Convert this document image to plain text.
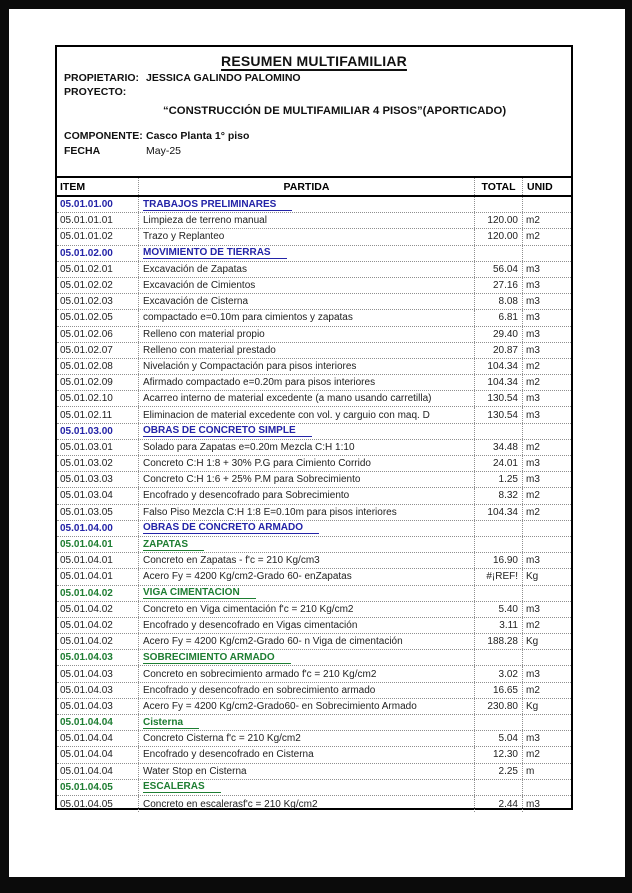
RESUMEN MULTIFAMILIAR
PROPIETARIO: JESSICA GALINDO PALOMINO
PROYECTO:
“CONSTRUCCIÓN DE MULTIFAMILIAR 4 PISOS”(APORTICADO)
COMPONENTE: Casco Planta 1° piso
FECHA	May-25
ITEM	PARTIDA	TOTAL	UNID
05.01.01.00	TRABAJOS PRELIMINARES
05.01.01.01	Limpieza de terreno manual	120.00 m2
05.01.01.02	Trazo y Replanteo	120.00 m2
05.01.02.00	MOVIMIENTO DE TIERRAS
05.01.02.01	Excavación de Zapatas	56.04 m3
05.01.02.02	Excavación de Cimientos	27.16 m3
05.01.02.03	Excavación de Cisterna	8.08 m3
05.01.02.05	compactado e=0.10m para cimientos y zapatas	6.81 m3
05.01.02.06	Relleno con material propio	29.40 m3
05.01.02.07	Relleno con material prestado	20.87 m3
05.01.02.08	Nivelación y Compactación para pisos interiores	104.34 m2
05.01.02.09	Afirmado compactado e=0.20m para pisos interiores	104.34 m2
05.01.02.10	Acarreo interno de material excedente (a mano usando carretilla)	130.54 m3
05.01.02.11	Eliminacion de material excedente con vol. y carguio con maq. D	130.54 m3
05.01.03.00	OBRAS DE CONCRETO SIMPLE
05.01.03.01	Solado para Zapatas e=0.20m Mezcla C:H 1:10	34.48 m2
05.01.03.02	Concreto C:H 1:8 + 30% P.G para Cimiento Corrido	24.01 m3
05.01.03.03	Concreto C:H 1:6 + 25% P.M para Sobrecimiento	1.25 m3
05.01.03.04	Encofrado y desencofrado para Sobrecimiento	8.32 m2
05.01.03.05	Falso Piso Mezcla C:H 1:8 E=0.10m para pisos interiores	104.34 m2
05.01.04.00	OBRAS DE CONCRETO ARMADO
05.01.04.01	ZAPATAS
05.01.04.01	Concreto en Zapatas - f'c = 210 Kg/cm3	16.90 m3
05.01.04.01	Acero Fy = 4200 Kg/cm2-Grado 60- enZapatas	#¡REF! Kg
05.01.04.02	VIGA CIMENTACION
05.01.04.02	Concreto en Viga cimentación f'c = 210 Kg/cm2	5.40 m3
05.01.04.02	Encofrado y desencofrado en Vigas cimentación	3.11 m2
05.01.04.02	Acero Fy = 4200 Kg/cm2-Grado 60- n Viga de cimentación	188.28 Kg
05.01.04.03	SOBRECIMIENTO ARMADO
05.01.04.03	Concreto en sobrecimiento armado f'c = 210 Kg/cm2	3.02 m3
05.01.04.03	Encofrado y desencofrado en sobrecimiento armado	16.65 m2
05.01.04.03	Acero Fy = 4200 Kg/cm2-Grado60- en Sobrecimiento Armado	230.80 Kg
05.01.04.04	Cisterna
05.01.04.04	Concreto Cisterna f'c = 210 Kg/cm2	5.04 m3
05.01.04.04	Encofrado y desencofrado en Cisterna	12.30 m2
05.01.04.04	Water Stop en Cisterna	2.25 m
05.01.04.05	ESCALERAS
05.01.04.05	Concreto en escalerasf'c = 210 Kg/cm2	2.44 m3
